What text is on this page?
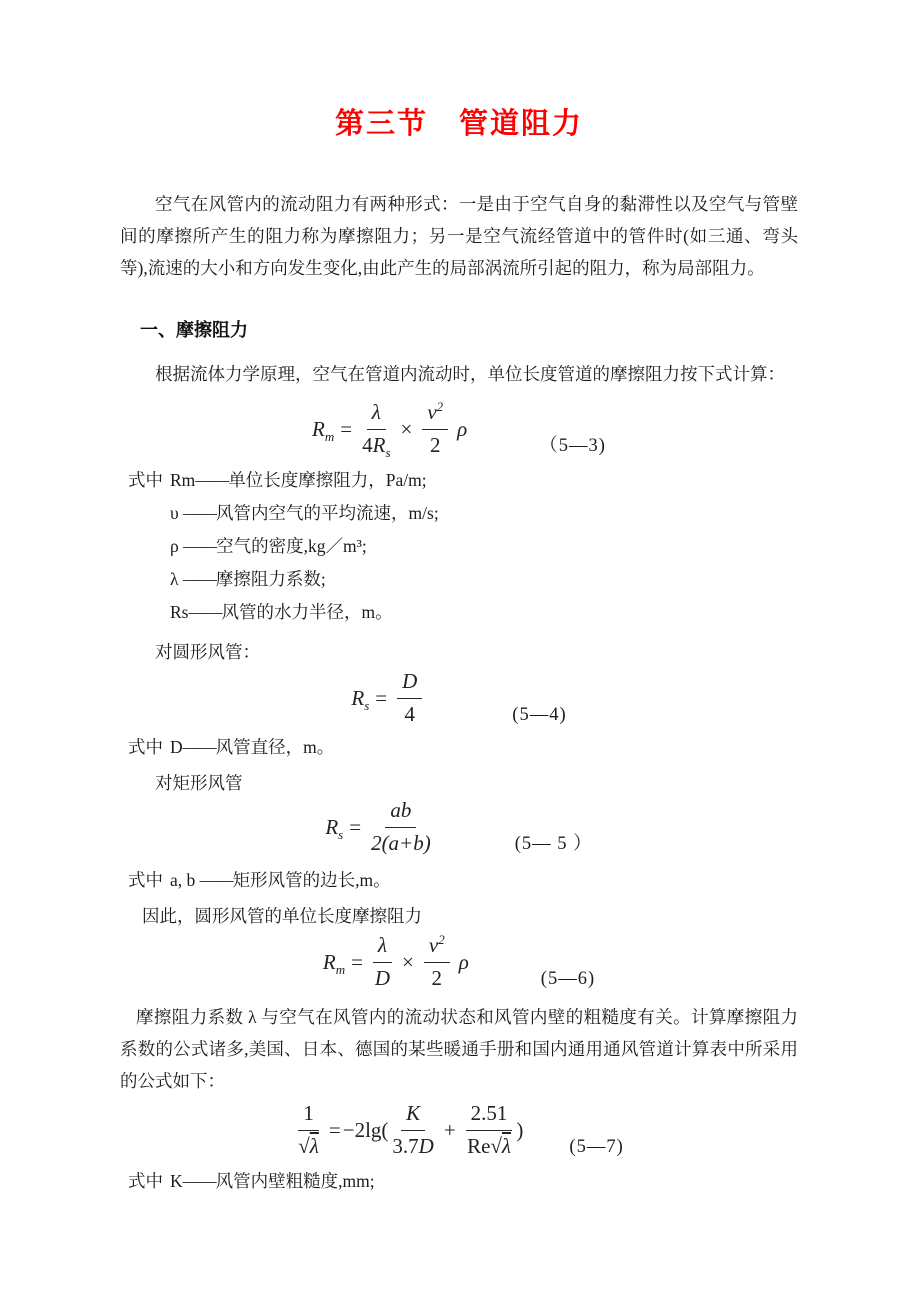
第三节　管道阻力

空气在风管内的流动阻力有两种形式：一是由于空气自身的黏滞性以及空气与管壁间的摩擦所产生的阻力称为摩擦阻力；另一是空气流经管道中的管件时(如三通、弯头等),流速的大小和方向发生变化,由此产生的局部涡流所引起的阻力，称为局部阻力。

一、摩擦阻力

根据流体力学原理，空气在管道内流动时，单位长度管道的摩擦阻力按下式计算：

$R_m = \frac{\lambda}{4R_s} \times \frac{v^2}{2}$ ρ
（5—3)
式中 Rm——单位长度摩擦阻力，Pa/m;
υ ——风管内空气的平均流速，m/s;
ρ ——空气的密度,kg／m³;
λ ——摩擦阻力系数;
Rs——风管的水力半径，m。
对圆形风管：
$R_s = \frac{D}{4}$	(5—4)
式中 D——风管直径，m。
对矩形风管
$R_s = \frac{ab}{2(a+b)}$	(5— 5 ）
式中 a, b ——矩形风管的边长,m。
因此，圆形风管的单位长度摩擦阻力
$R_m = \frac{\lambda}{D} \times \frac{v^2}{2}$ ρ
(5—6)

摩擦阻力系数 λ 与空气在风管内的流动状态和风管内壁的粗糙度有关。计算摩擦阻力系数的公式诸多,美国、日本、德国的某些暖通手册和国内通用通风管道计算表中所采用的公式如下：

$\frac{1}{√\lambda} = -2\lg( \frac{K}{3.7D} + \frac{2.51}{Re√\lambda}$ )
(5—7)
式中 K——风管内壁粗糙度,mm;
